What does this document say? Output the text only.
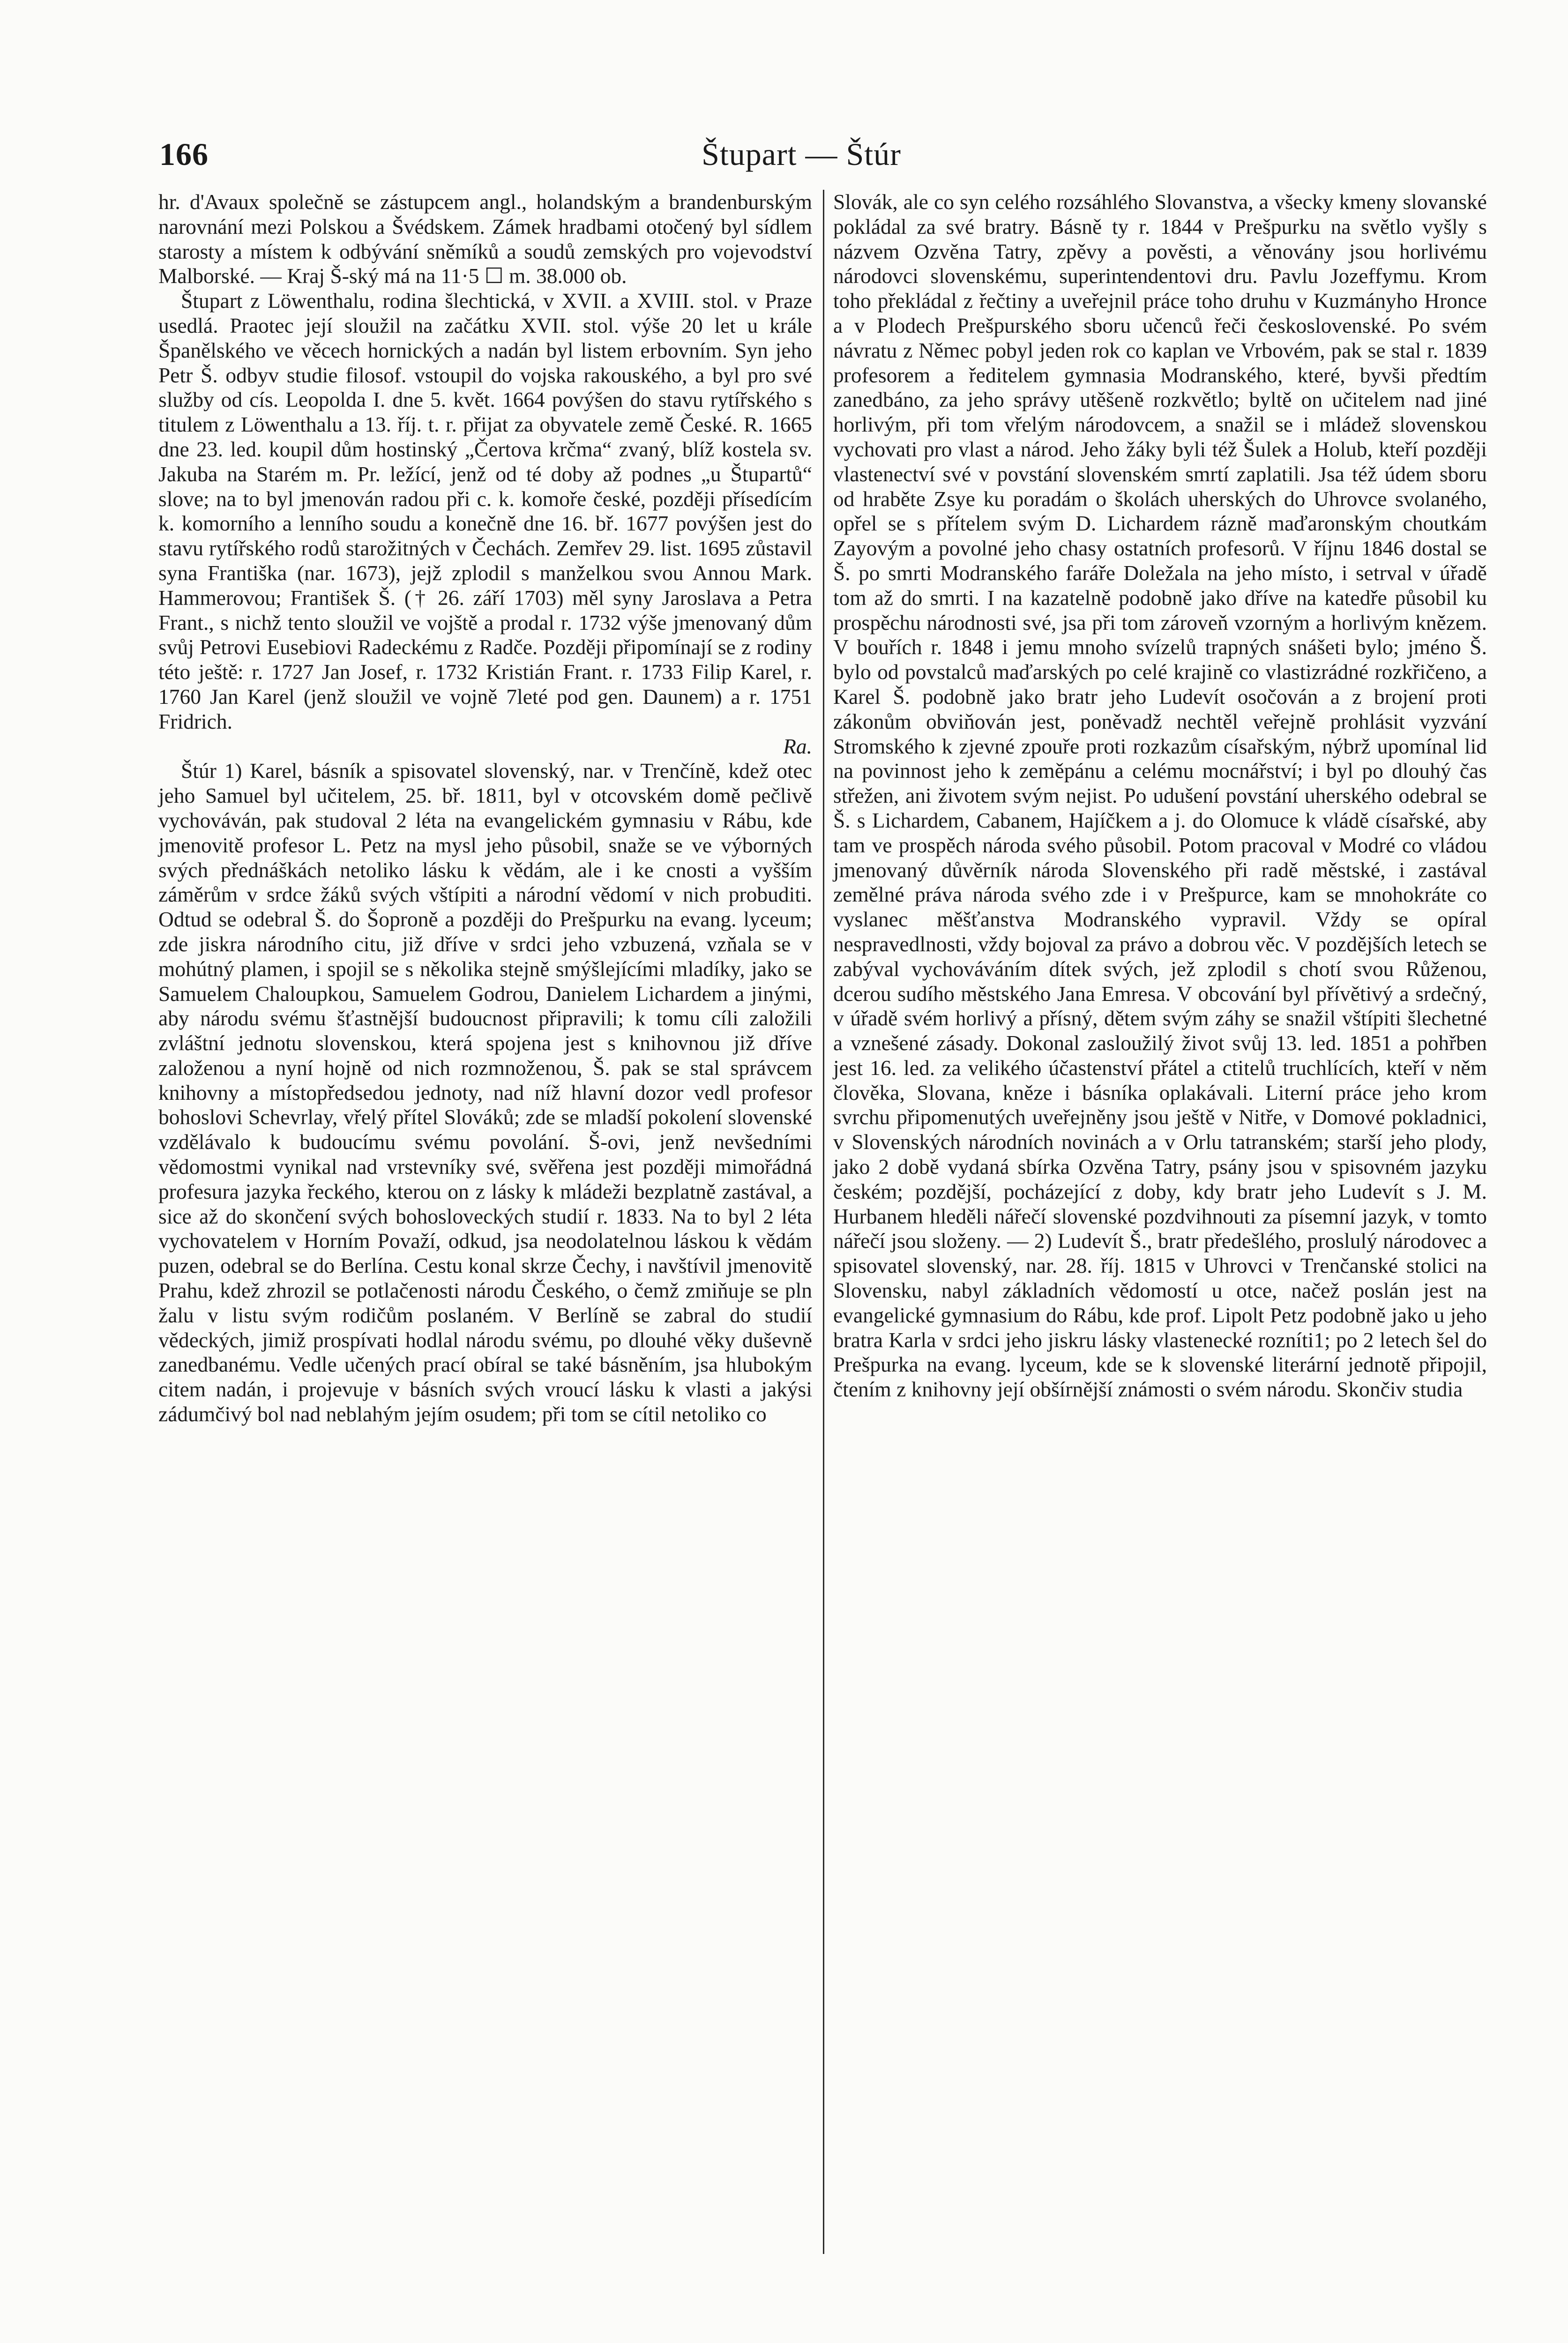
166	Štupart — Štúr

hr. d'Avaux společně se zástupcem angl., holandským a brandenburským narovnání mezi Polskou a Švédskem. Zámek hradbami otočený byl sídlem starosty a místem k odbývání sněmíků a soudů zemských pro vojevodství Malborské. — Kraj Š-ský má na 11·5 ☐ m. 38.000 ob.

Štupart z Löwenthalu, rodina šlechtická, v XVII. a XVIII. stol. v Praze usedlá. Praotec její sloužil na začátku XVII. stol. výše 20 let u krále Španělského ve věcech hornických a nadán byl listem erbovním. Syn jeho Petr Š. odbyv studie filosof. vstoupil do vojska rakouského, a byl pro své služby od cís. Leopolda I. dne 5. květ. 1664 povýšen do stavu rytířského s titulem z Löwenthalu a 13. říj. t. r. přijat za obyvatele země České. R. 1665 dne 23. led. koupil dům hostinský „Čertova krčma“ zvaný, blíž kostela sv. Jakuba na Starém m. Pr. ležící, jenž od té doby až podnes „u Štupartů“ slove; na to byl jmenován radou při c. k. komoře české, později přísedícím k. komorního a lenního soudu a konečně dne 16. bř. 1677 povýšen jest do stavu rytířského rodů starožitných v Čechách. Zemřev 29. list. 1695 zůstavil syna Františka (nar. 1673), jejž zplodil s manželkou svou Annou Mark. Hammerovou; František Š. († 26. září 1703) měl syny Jaroslava a Petra Frant., s nichž tento sloužil ve vojště a prodal r. 1732 výše jmenovaný dům svůj Petrovi Eusebiovi Radeckému z Radče. Později připomínají se z rodiny této ještě: r. 1727 Jan Josef, r. 1732 Kristián Frant. r. 1733 Filip Karel, r. 1760 Jan Karel (jenž sloužil ve vojně 7leté pod gen. Daunem) a r. 1751 Fridrich.

Ra.

Štúr 1) Karel, básník a spisovatel slovenský, nar. v Trenčíně, kdež otec jeho Samuel byl učitelem, 25. bř. 1811, byl v otcovském domě pečlivě vychováván, pak studoval 2 léta na evangelickém gymnasiu v Rábu, kde jmenovitě profesor L. Petz na mysl jeho působil, snaže se ve výborných svých přednáškách netoliko lásku k vědám, ale i ke cnosti a vyšším záměrům v srdce žáků svých vštípiti a národní vědomí v nich probuditi. Odtud se odebral Š. do Šoproně a později do Prešpurku na evang. lyceum; zde jiskra národního citu, již dříve v srdci jeho vzbuzená, vzňala se v mohútný plamen, i spojil se s několika stejně smýšlejícími mladíky, jako se Samuelem Chaloupkou, Samuelem Godrou, Danielem Lichardem a jinými, aby národu svému šťastnější budoucnost připravili; k tomu cíli založili zvláštní jednotu slovenskou, která spojena jest s knihovnou již dříve založenou a nyní hojně od nich rozmnoženou, Š. pak se stal správcem knihovny a místopředsedou jednoty, nad níž hlavní dozor vedl profesor bohoslovi Schevrlay, vřelý přítel Slováků; zde se mladší pokolení slovenské vzdělávalo k budoucímu svému povolání. Š-ovi, jenž nevšedními vědomostmi vynikal nad vrstevníky své, svěřena jest později mimořádná profesura jazyka řeckého, kterou on z lásky k mládeži bezplatně zastával, a sice až do skončení svých bohosloveckých studií r. 1833. Na to byl 2 léta vychovatelem v Horním Považí, odkud, jsa neodolatelnou láskou k vědám puzen, odebral se do Berlína. Cestu konal skrze Čechy, i navštívil jmenovitě Prahu, kdež zhrozil se potlačenosti národu Českého, o čemž zmiňuje se pln žalu v listu svým rodičům poslaném. V Berlíně se zabral do studií vědeckých, jimiž prospívati hodlal národu svému, po dlouhé věky duševně zanedbanému. Vedle učených prací obíral se také básněním, jsa hlubokým citem nadán, i projevuje v básních svých vroucí lásku k vlasti a jakýsi zádumčivý bol nad neblahým jejím osudem; při tom se cítil netoliko co

Slovák, ale co syn celého rozsáhlého Slovanstva, a všecky kmeny slovanské pokládal za své bratry. Básně ty r. 1844 v Prešpurku na světlo vyšly s názvem Ozvěna Tatry, zpěvy a pověsti, a věnovány jsou horlivému národovci slovenskému, superintendentovi dru. Pavlu Jozeffymu. Krom toho překládal z řečtiny a uveřejnil práce toho druhu v Kuzmányho Hronce a v Plodech Prešpurského sboru učenců řeči československé. Po svém návratu z Němec pobyl jeden rok co kaplan ve Vrbovém, pak se stal r. 1839 profesorem a ředitelem gymnasia Modranského, které, byvši předtím zanedbáno, za jeho správy utěšeně rozkvětlo; byltě on učitelem nad jiné horlivým, při tom vřelým národovcem, a snažil se i mládež slovenskou vychovati pro vlast a národ. Jeho žáky byli též Šulek a Holub, kteří později vlastenectví své v povstání slovenském smrtí zaplatili. Jsa též údem sboru od hraběte Zsye ku poradám o školách uherských do Uhrovce svolaného, opřel se s přítelem svým D. Lichardem rázně maďaronským choutkám Zayovým a povolné jeho chasy ostatních profesorů. V říjnu 1846 dostal se Š. po smrti Modranského faráře Doležala na jeho místo, i setrval v úřadě tom až do smrti. I na kazatelně podobně jako dříve na katedře působil ku prospěchu národnosti své, jsa při tom zároveň vzorným a horlivým knězem. V bouřích r. 1848 i jemu mnoho svízelů trapných snášeti bylo; jméno Š. bylo od povstalců maďarských po celé krajině co vlastizrádné rozkřičeno, a Karel Š. podobně jako bratr jeho Ludevít osočován a z brojení proti zákonům obviňován jest, poněvadž nechtěl veřejně prohlásit vyzvání Stromského k zjevné zpouře proti rozkazům císařským, nýbrž upomínal lid na povinnost jeho k zeměpánu a celému mocnářství; i byl po dlouhý čas střežen, ani životem svým nejist. Po udušení povstání uherského odebral se Š. s Lichardem, Cabanem, Hajíčkem a j. do Olomuce k vládě císařské, aby tam ve prospěch národa svého působil. Potom pracoval v Modré co vládou jmenovaný důvěrník národa Slovenského při radě městské, i zastával zemělné práva národa svého zde i v Prešpurce, kam se mnohokráte co vyslanec měšťanstva Modranského vypravil. Vždy se opíral nespravedlnosti, vždy bojoval za právo a dobrou věc. V pozdějších letech se zabýval vychováváním dítek svých, jež zplodil s chotí svou Růženou, dcerou sudího městského Jana Emresa. V obcování byl přívětivý a srdečný, v úřadě svém horlivý a přísný, dětem svým záhy se snažil vštípiti šlechetné a vznešené zásady. Dokonal zasloužilý život svůj 13. led. 1851 a pohřben jest 16. led. za velikého účastenství přátel a ctitelů truchlících, kteří v něm člověka, Slovana, kněze i básníka oplakávali. Literní práce jeho krom svrchu připomenutých uveřejněny jsou ještě v Nitře, v Domové pokladnici, v Slovenských národních novinách a v Orlu tatranském; starší jeho plody, jako 2 době vydaná sbírka Ozvěna Tatry, psány jsou v spisovném jazyku českém; pozdější, pocházející z doby, kdy bratr jeho Ludevít s J. M. Hurbanem hleděli nářečí slovenské pozdvihnouti za písemní jazyk, v tomto nářečí jsou složeny. — 2) Ludevít Š., bratr předešlého, proslulý národovec a spisovatel slovenský, nar. 28. říj. 1815 v Uhrovci v Trenčanské stolici na Slovensku, nabyl základních vědomostí u otce, načež poslán jest na evangelické gymnasium do Rábu, kde prof. Lipolt Petz podobně jako u jeho bratra Karla v srdci jeho jiskru lásky vlastenecké rozníti1; po 2 letech šel do Prešpurka na evang. lyceum, kde se k slovenské literární jednotě připojil, čtením z knihovny její obšírnější známosti o svém národu. Skončiv studia
